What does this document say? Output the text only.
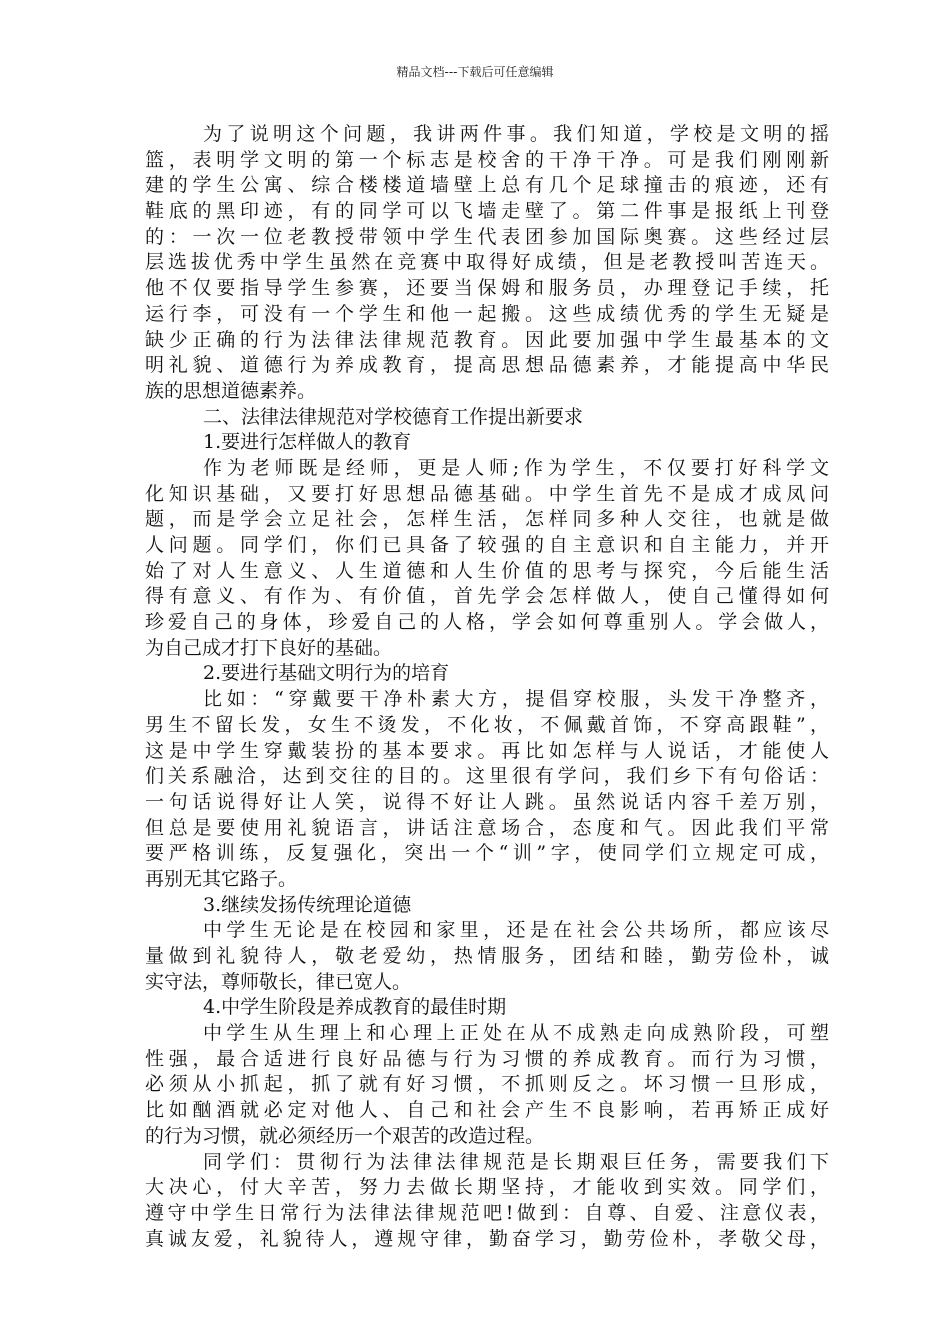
精品文档---下载后可任意编辑
为了说明这个问题，我讲两件事。我们知道，学校是文明的摇
篮，表明学文明的第一个标志是校舍的干净干净。可是我们刚刚新
建的学生公寓、综合楼楼道墙壁上总有几个足球撞击的痕迹，还有
鞋底的黑印迹，有的同学可以飞墙走壁了。第二件事是报纸上刊登
的：一次一位老教授带领中学生代表团参加国际奥赛。这些经过层
层选拔优秀中学生虽然在竞赛中取得好成绩，但是老教授叫苦连天。
他不仅要指导学生参赛，还要当保姆和服务员，办理登记手续，托
运行李，可没有一个学生和他一起搬。这些成绩优秀的学生无疑是
缺少正确的行为法律法律规范教育。因此要加强中学生最基本的文
明礼貌、道德行为养成教育，提高思想品德素养，才能提高中华民
族的思想道德素养。
二、法律法律规范对学校德育工作提出新要求
1.要进行怎样做人的教育
作为老师既是经师，更是人师;作为学生，不仅要打好科学文
化知识基础，又要打好思想品德基础。中学生首先不是成才成凤问
题，而是学会立足社会，怎样生活，怎样同多种人交往，也就是做
人问题。同学们，你们已具备了较强的自主意识和自主能力，并开
始了对人生意义、人生道德和人生价值的思考与探究，今后能生活
得有意义、有作为、有价值，首先学会怎样做人，使自己懂得如何
珍爱自己的身体，珍爱自己的人格，学会如何尊重别人。学会做人，
为自己成才打下良好的基础。
2.要进行基础文明行为的培育
比如：“穿戴要干净朴素大方，提倡穿校服，头发干净整齐，
男生不留长发，女生不烫发，不化妆，不佩戴首饰，不穿高跟鞋”，
这是中学生穿戴装扮的基本要求。再比如怎样与人说话，才能使人
们关系融洽，达到交往的目的。这里很有学问，我们乡下有句俗话：
一句话说得好让人笑，说得不好让人跳。虽然说话内容千差万别，
但总是要使用礼貌语言，讲话注意场合，态度和气。因此我们平常
要严格训练，反复强化，突出一个“训”字，使同学们立规定可成，
再别无其它路子。
3.继续发扬传统理论道德
中学生无论是在校园和家里，还是在社会公共场所，都应该尽
量做到礼貌待人，敬老爱幼，热情服务，团结和睦，勤劳俭朴，诚
实守法，尊师敬长，律已宽人。
4.中学生阶段是养成教育的最佳时期
中学生从生理上和心理上正处在从不成熟走向成熟阶段，可塑
性强，最合适进行良好品德与行为习惯的养成教育。而行为习惯，
必须从小抓起，抓了就有好习惯，不抓则反之。坏习惯一旦形成，
比如酗酒就必定对他人、自己和社会产生不良影响，若再矫正成好
的行为习惯，就必须经历一个艰苦的改造过程。
同学们：贯彻行为法律法律规范是长期艰巨任务，需要我们下
大决心，付大辛苦，努力去做长期坚持，才能收到实效。同学们，
遵守中学生日常行为法律法律规范吧!做到：自尊、自爱、注意仪表，
真诚友爱，礼貌待人，遵规守律，勤奋学习，勤劳俭朴，孝敬父母，
